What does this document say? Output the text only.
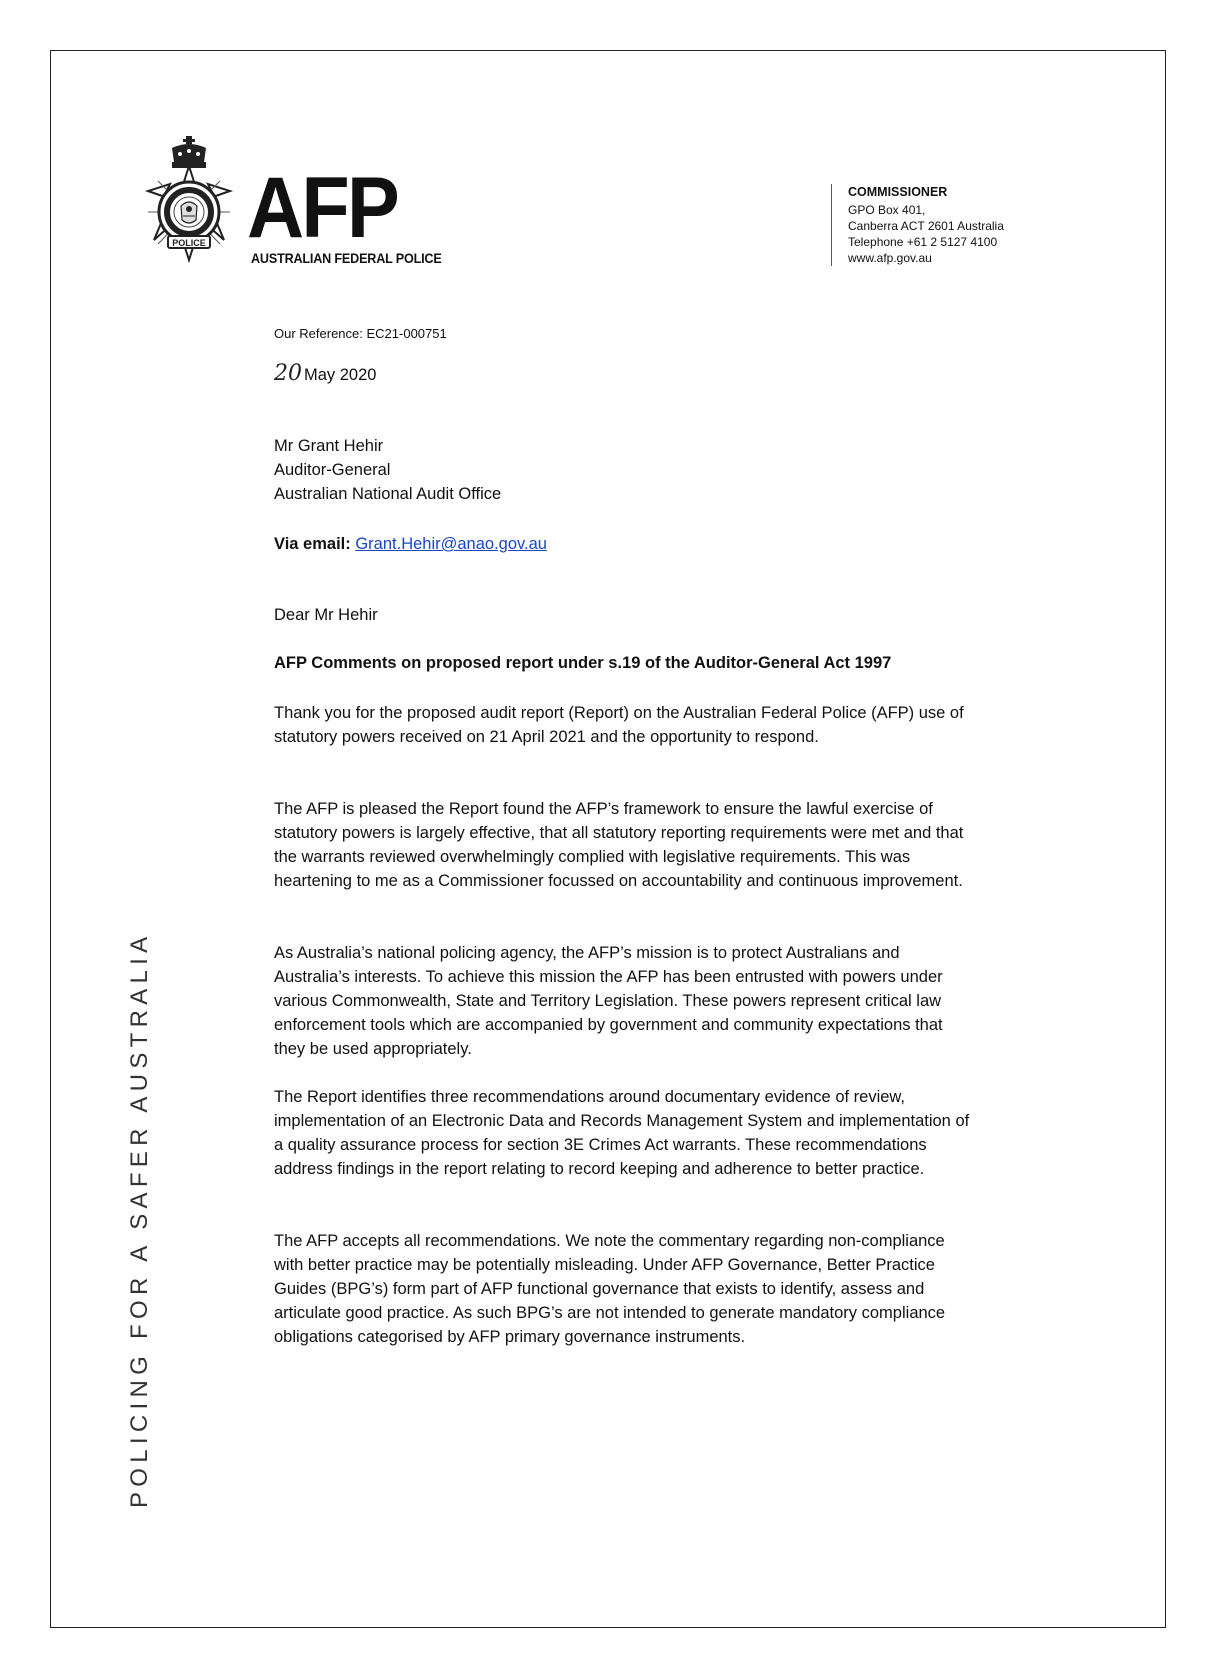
POLICE AFP
AUSTRALIAN FEDERAL POLICE
COMMISSIONER
GPO Box 401,
Canberra ACT 2601 Australia
Telephone +61 2 5127 4100
www.afp.gov.au
POLICING FOR A SAFER AUSTRALIA
Our Reference: EC21-000751
20 May 2020
Mr Grant Hehir
Auditor-General
Australian National Audit Office
Via email: Grant.Hehir@anao.gov.au
Dear Mr Hehir
AFP Comments on proposed report under s.19 of the Auditor-General Act 1997

Thank you for the proposed audit report (Report) on the Australian Federal Police (AFP) use of statutory powers received on 21 April 2021 and the opportunity to respond.

The AFP is pleased the Report found the AFP’s framework to ensure the lawful exercise of statutory powers is largely effective, that all statutory reporting requirements were met and that the warrants reviewed overwhelmingly complied with legislative requirements. This was heartening to me as a Commissioner focussed on accountability and continuous improvement.

As Australia’s national policing agency, the AFP’s mission is to protect Australians and Australia’s interests. To achieve this mission the AFP has been entrusted with powers under various Commonwealth, State and Territory Legislation. These powers represent critical law enforcement tools which are accompanied by government and community expectations that they be used appropriately.

The Report identifies three recommendations around documentary evidence of review, implementation of an Electronic Data and Records Management System and implementation of a quality assurance process for section 3E Crimes Act warrants. These recommendations address findings in the report relating to record keeping and adherence to better practice.

The AFP accepts all recommendations. We note the commentary regarding non-compliance with better practice may be potentially misleading. Under AFP Governance, Better Practice Guides (BPG’s) form part of AFP functional governance that exists to identify, assess and articulate good practice. As such BPG’s are not intended to generate mandatory compliance obligations categorised by AFP primary governance instruments.
